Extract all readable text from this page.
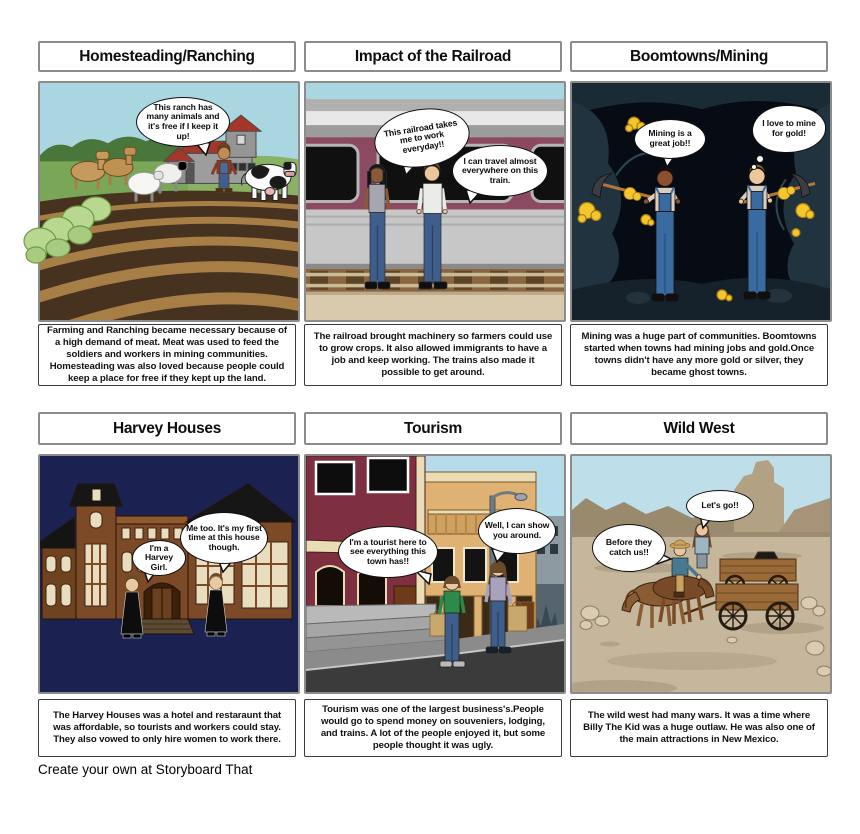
Homesteading/Ranching
This ranch has many animals and it's free if I keep it up!
Farming and Ranching became necessary because of a high demand of meat. Meat was used to feed the soldiers and workers in mining communities. Homesteading was also loved because people could keep a place for free if they kept up the land.
Impact of the Railroad
This railroad takes me to work everyday!!
I can travel almost everywhere on this train.
The railroad brought machinery so farmers could use to grow crops. It also allowed immigrants to have a job and keep working. The trains also made it possible to get around.
Boomtowns/Mining
Mining is a great job!!
I love to mine for gold!
Mining was a huge part of communities. Boomtowns started when towns had mining jobs and gold.Once towns didn't have any more gold or silver, they became ghost towns.
Harvey Houses
I'm a Harvey Girl.
Me too. It's my first time at this house though.
The Harvey Houses was a hotel and restaraunt that was affordable, so tourists and workers could stay. They also vowed to only hire women to work there.
Tourism
I'm a tourist here to see everything this town has!!
Well, I can show you around.
Tourism was one of the largest business's.People would go to spend money on souveniers, lodging, and trains. A lot of the people enjoyed it, but some people thought it was ugly.
Wild West
Let's go!!
Before they catch us!!
The wild west had many wars. It was a time where Billy The Kid was a huge outlaw. He was also one of the main attractions in New Mexico.
Create your own at Storyboard That
